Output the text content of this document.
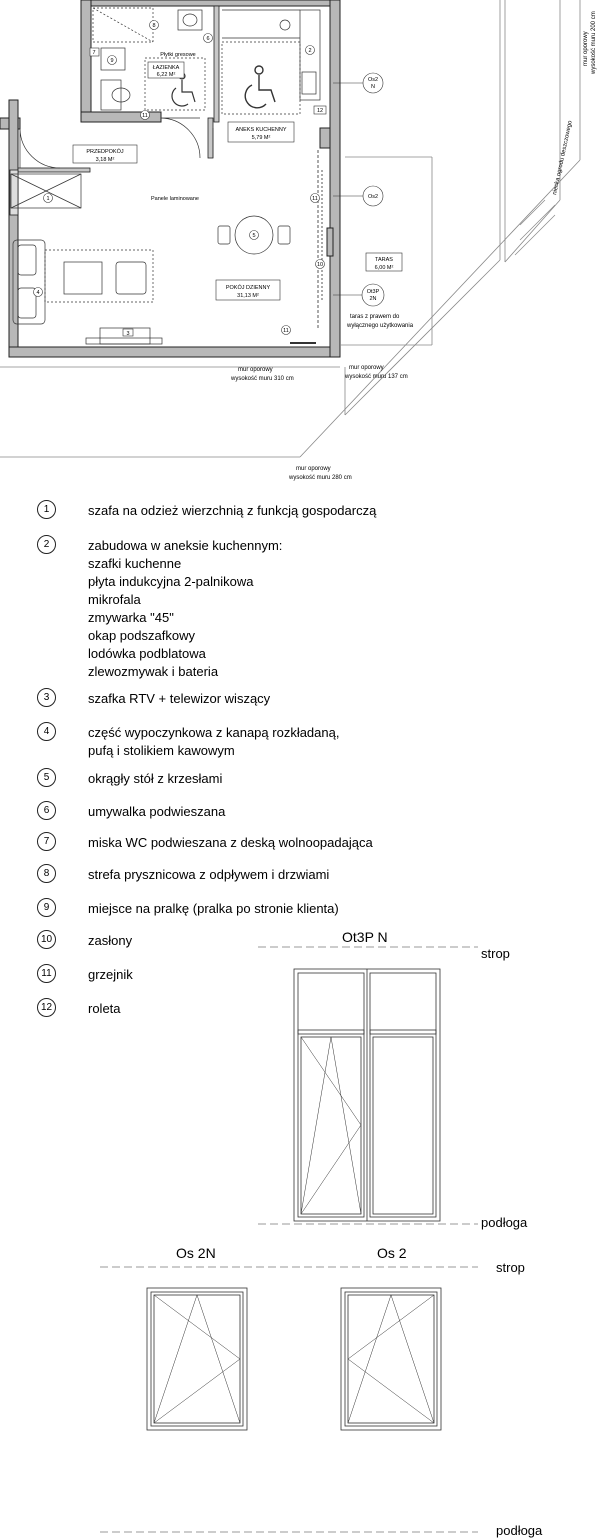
ŁAZIENKA
6,22 M²
ANEKS KUCHENNY
5,79 M²
PRZEDPOKÓJ
3,18 M²
POKÓJ DZIENNY
31,13 M²
TARAS
6,00 M²
Płytki gresowe
Panele laminowane
Os2
N
Os2
Ot3P
2N
taras z prawem do
wyłącznego użytkowania
mur oporowy
wysokość muru 310 cm
mur oporowy
wysokość muru 137 cm
mur oporowy
wysokość muru 280 cm
mur oporowy wysokość muru 200 cm
niecka ogrodu deszczowego
1
2
3
4
5
6
7
8
9
10
11
11
11
12
1	szafa na odzież wierzchnią z funkcją gospodarczą
2	zabudowa w aneksie kuchennym:
szafki kuchenne
płyta indukcyjna 2-palnikowa
mikrofala
zmywarka "45"
okap podszafkowy
lodówka podblatowa
zlewozmywak i bateria
3	szafka RTV + telewizor wiszący
4	część wypoczynkowa z kanapą rozkładaną,
pufą i stolikiem kawowym
5	okrągły stół z krzesłami
6	umywalka podwieszana
7	miska WC podwieszana z deską wolnoopadająca
8	strefa prysznicowa z odpływem i drzwiami
9	miejsce na pralkę (pralka po stronie klienta)
10	zasłony
11	grzejnik
12	roleta
Ot3P N
strop
podłoga
Os 2N	Os 2
strop
podłoga
